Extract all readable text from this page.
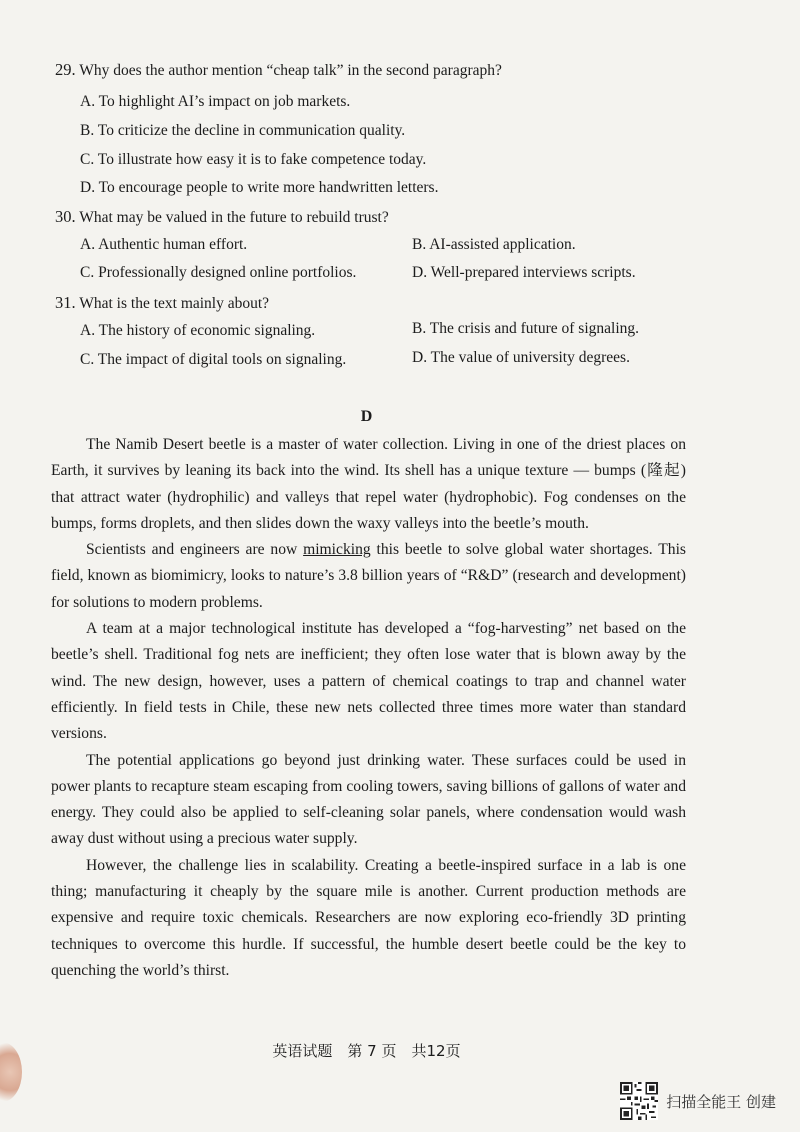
29. Why does the author mention “cheap talk” in the second paragraph?
A. To highlight AI’s impact on job markets.
B. To criticize the decline in communication quality.
C. To illustrate how easy it is to fake competence today.
D. To encourage people to write more handwritten letters.
30. What may be valued in the future to rebuild trust?
A. Authentic human effort.	B. AI-assisted application.
C. Professionally designed online portfolios.	D. Well-prepared interviews scripts.
31. What is the text mainly about?
A. The history of economic signaling.	B. The crisis and future of signaling.
C. The impact of digital tools on signaling.	D. The value of university degrees.
D

The Namib Desert beetle is a master of water collection. Living in one of the driest places on Earth, it survives by leaning its back into the wind. Its shell has a unique texture — bumps (隆起) that attract water (hydrophilic) and valleys that repel water (hydrophobic). Fog condenses on the bumps, forms droplets, and then slides down the waxy valleys into the beetle’s mouth.

Scientists and engineers are now mimicking this beetle to solve global water shortages. This field, known as biomimicry, looks to nature’s 3.8 billion years of “R&D” (research and development) for solutions to modern problems.

A team at a major technological institute has developed a “fog-harvesting” net based on the beetle’s shell. Traditional fog nets are inefficient; they often lose water that is blown away by the wind. The new design, however, uses a pattern of chemical coatings to trap and channel water efficiently. In field tests in Chile, these new nets collected three times more water than standard versions.

The potential applications go beyond just drinking water. These surfaces could be used in power plants to recapture steam escaping from cooling towers, saving billions of gallons of water and energy. They could also be applied to self-cleaning solar panels, where condensation would wash away dust without using a precious water supply.

However, the challenge lies in scalability. Creating a beetle-inspired surface in a lab is one thing; manufacturing it cheaply by the square mile is another. Current production methods are expensive and require toxic chemicals. Researchers are now exploring eco-friendly 3D printing techniques to overcome this hurdle. If successful, the humble desert beetle could be the key to quenching the world’s thirst.

英语试题　第 7 页　共12页
扫描全能王 创建
